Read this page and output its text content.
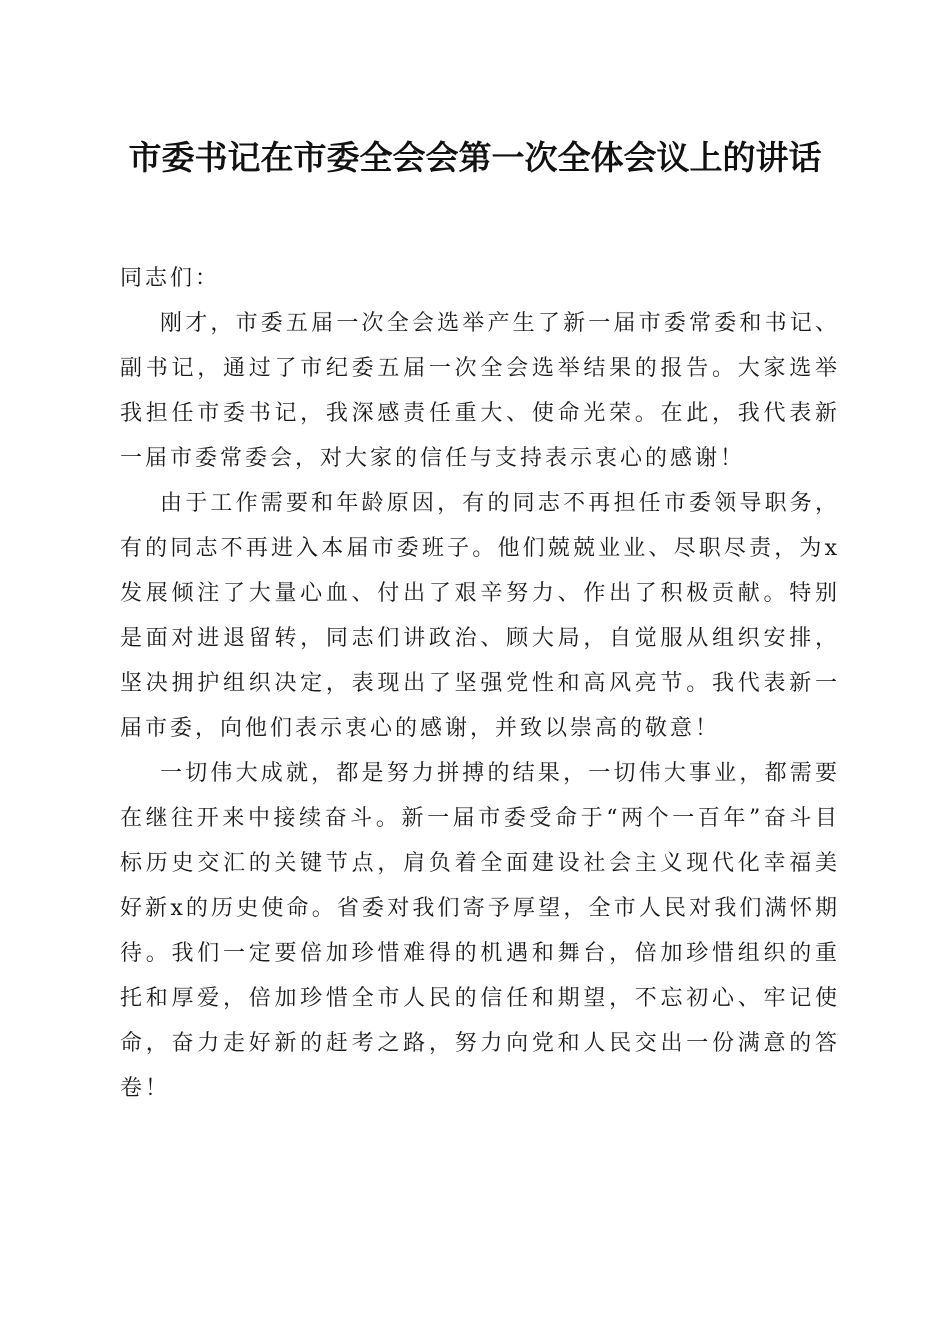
市委书记在市委全会会第一次全体会议上的讲话

同志们：

刚才，市委五届一次全会选举产生了新一届市委常委和书记、副书记，通过了市纪委五届一次全会选举结果的报告。大家选举我担任市委书记，我深感责任重大、使命光荣。在此，我代表新一届市委常委会，对大家的信任与支持表示衷心的感谢！

由于工作需要和年龄原因，有的同志不再担任市委领导职务，有的同志不再进入本届市委班子。他们兢兢业业、尽职尽责，为x发展倾注了大量心血、付出了艰辛努力、作出了积极贡献。特别是面对进退留转，同志们讲政治、顾大局，自觉服从组织安排，坚决拥护组织决定，表现出了坚强党性和高风亮节。我代表新一届市委，向他们表示衷心的感谢，并致以崇高的敬意！

一切伟大成就，都是努力拼搏的结果，一切伟大事业，都需要在继往开来中接续奋斗。新一届市委受命于“两个一百年”奋斗目标历史交汇的关键节点，肩负着全面建设社会主义现代化幸福美好新x的历史使命。省委对我们寄予厚望，全市人民对我们满怀期待。我们一定要倍加珍惜难得的机遇和舞台，倍加珍惜组织的重托和厚爱，倍加珍惜全市人民的信任和期望，不忘初心、牢记使命，奋力走好新的赶考之路，努力向党和人民交出一份满意的答卷！
